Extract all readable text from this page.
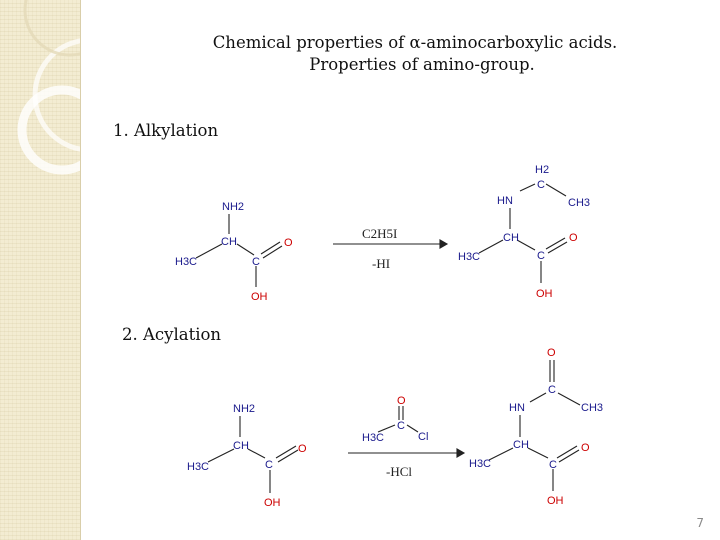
Chemical properties of α-aminocarboxylic acids.
Properties of amino-group.
1. Alkylation
2. Acylation
NH2
CH
H3C	C
O
OH
C2H5I
-HI
H2
C
CH3
HN
CH
H3C	C
O
OH
NH2
CH
H3C	C
O
OH
O
H3C
C
Cl
-HCl
O
C
HN	CH3
CH
H3C	C
O
OH
7
